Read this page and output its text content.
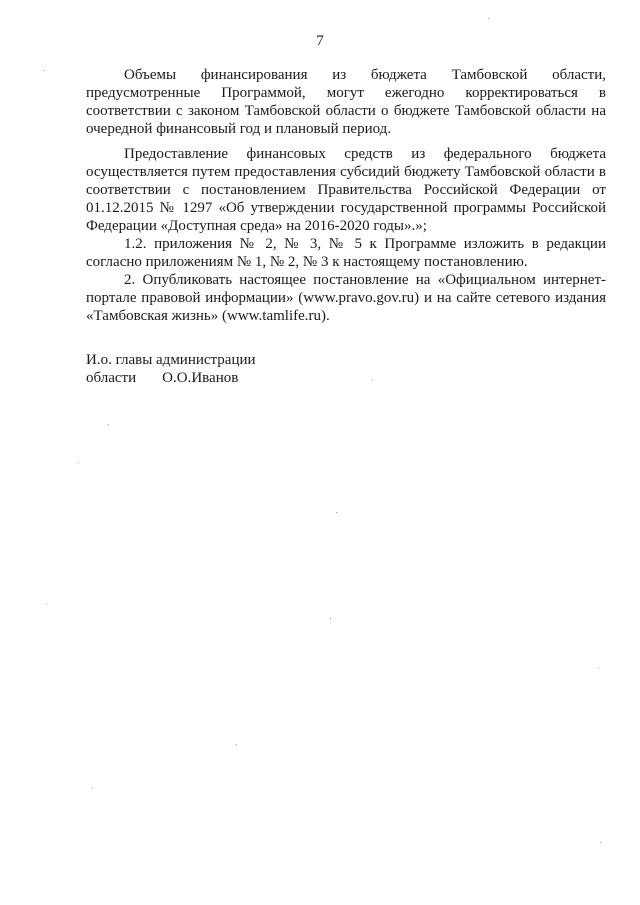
7

Объемы финансирования из бюджета Тамбовской области, предусмотренные Программой, могут ежегодно корректироваться в соответствии с законом Тамбовской области о бюджете Тамбовской области на очередной финансовый год и плановый период.

Предоставление финансовых средств из федерального бюджета осуществляется путем предоставления субсидий бюджету Тамбовской области в соответствии с постановлением Правительства Российской Федерации от 01.12.2015 № 1297 «Об утверждении государственной программы Российской Федерации «Доступная среда» на 2016-2020 годы».»;

1.2. приложения № 2, № 3, № 5 к Программе изложить в редакции согласно приложениям № 1, № 2, № 3 к настоящему постановлению.

2. Опубликовать настоящее постановление на «Официальном интернет-портале правовой информации» (www.pravo.gov.ru) и на сайте сетевого издания «Тамбовская жизнь» (www.tamlife.ru).

И.о. главы администрации
области О.О.Иванов
